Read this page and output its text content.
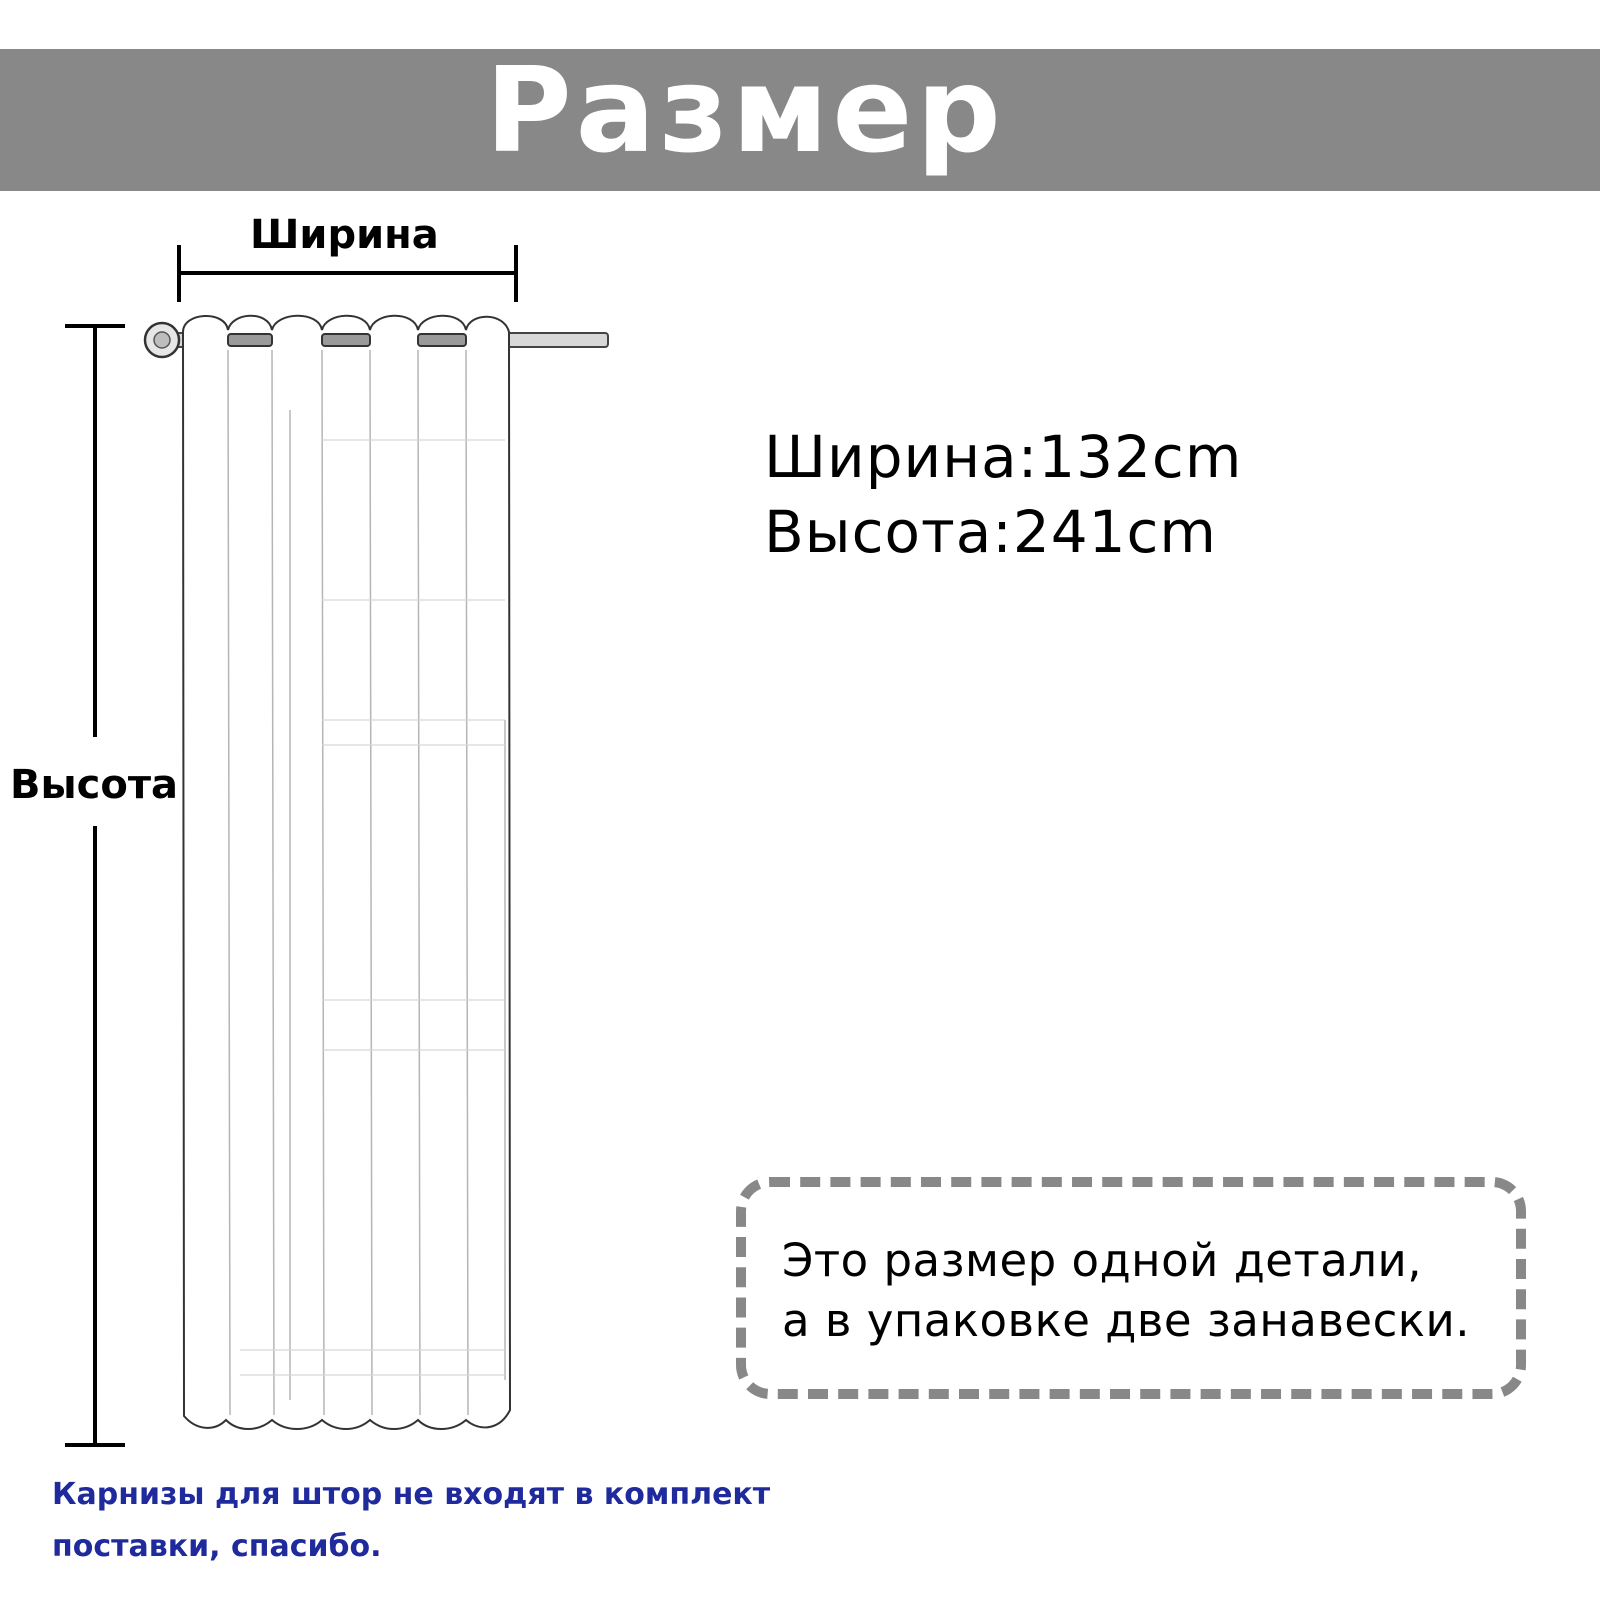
Размер
Ширина
Высота
Ширина:132cm
Высота:241cm
Это размер одной детали,
а в упаковке две занавески.
Карнизы для штор не входят в комплект
поставки, спасибо.
